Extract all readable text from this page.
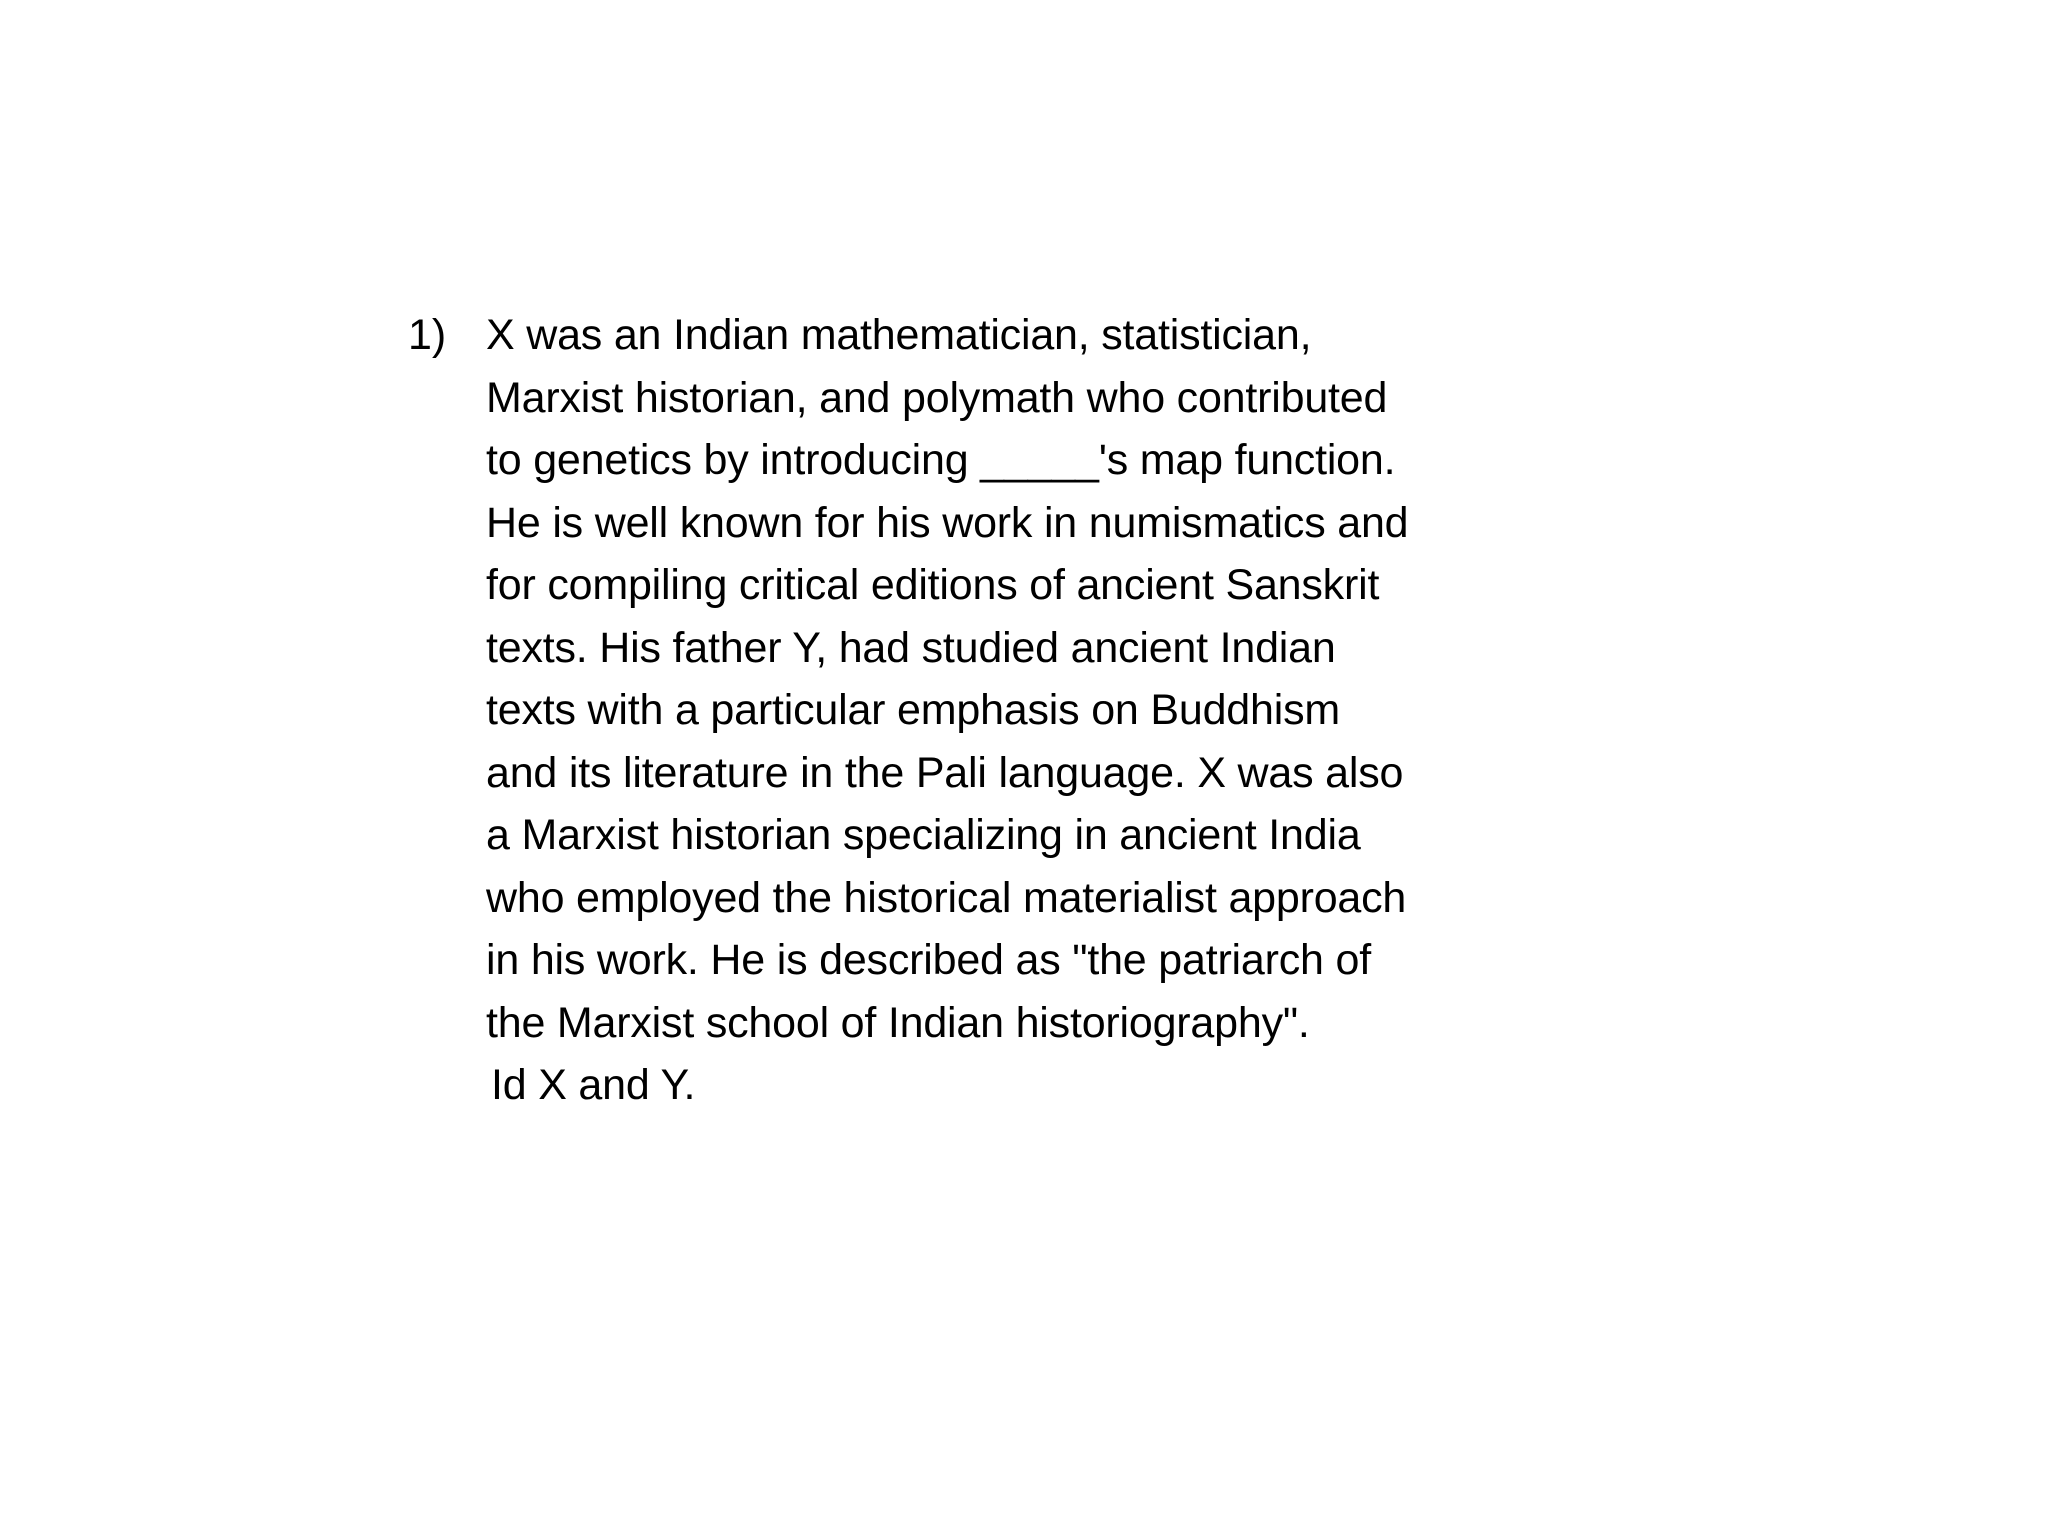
1) X was an Indian mathematician, statistician,
Marxist historian, and polymath who contributed
to genetics by introducing _____'s map function.
He is well known for his work in numismatics and
for compiling critical editions of ancient Sanskrit
texts. His father Y, had studied ancient Indian
texts with a particular emphasis on Buddhism
and its literature in the Pali language. X was also
a Marxist historian specializing in ancient India
who employed the historical materialist approach
in his work. He is described as "the patriarch of
the Marxist school of Indian historiography".
Id X and Y.
